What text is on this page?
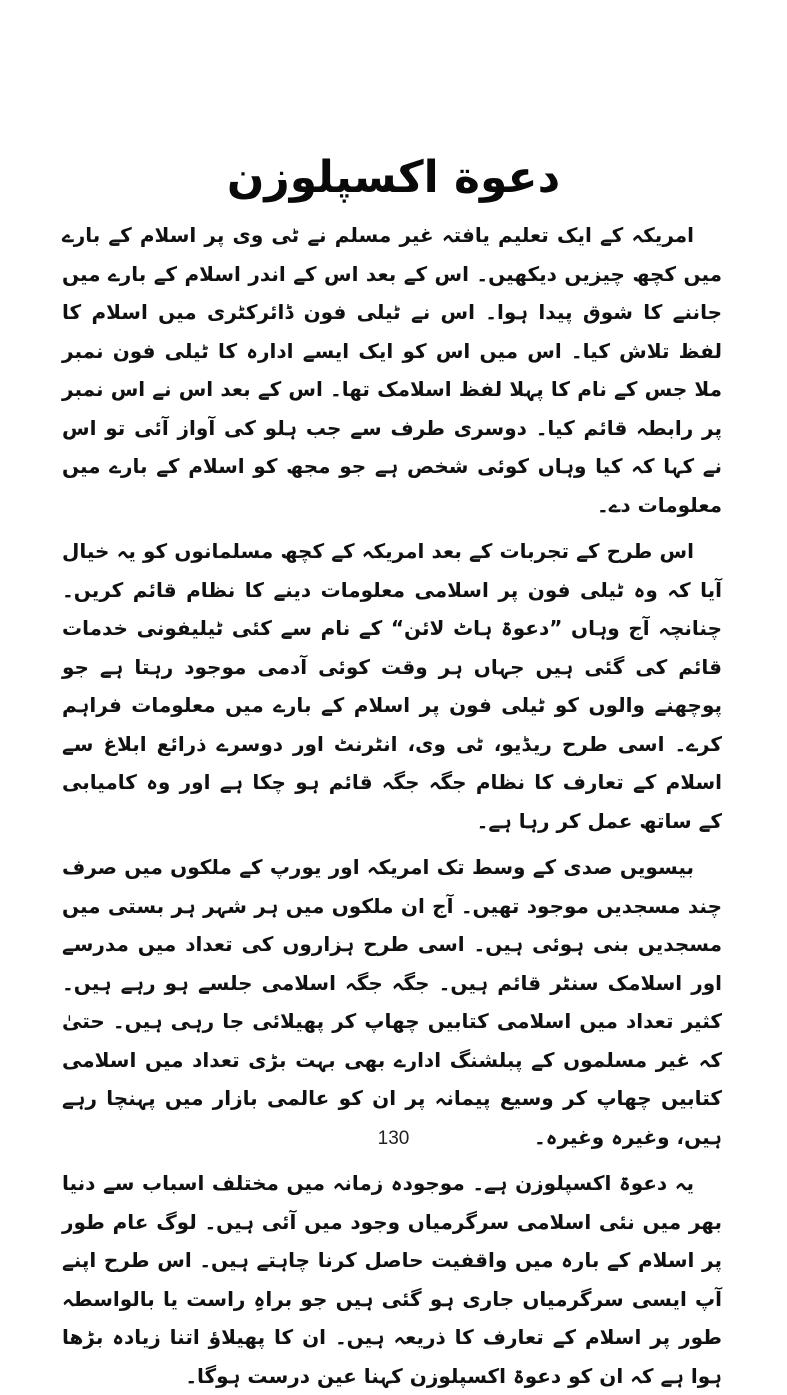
دعوة اکسپلوزن

امریکہ کے ایک تعلیم یافتہ غیر مسلم نے ٹی وی پر اسلام کے بارے میں کچھ چیزیں دیکھیں۔ اس کے بعد اس کے اندر اسلام کے بارے میں جاننے کا شوق پیدا ہوا۔ اس نے ٹیلی فون ڈائرکٹری میں اسلام کا لفظ تلاش کیا۔ اس میں اس کو ایک ایسے ادارہ کا ٹیلی فون نمبر ملا جس کے نام کا پہلا لفظ اسلامک تھا۔ اس کے بعد اس نے اس نمبر پر رابطہ قائم کیا۔ دوسری طرف سے جب ہلو کی آواز آئی تو اس نے کہا کہ کیا وہاں کوئی شخص ہے جو مجھ کو اسلام کے بارے میں معلومات دے۔

اس طرح کے تجربات کے بعد امریکہ کے کچھ مسلمانوں کو یہ خیال آیا کہ وہ ٹیلی فون پر اسلامی معلومات دینے کا نظام قائم کریں۔ چنانچہ آج وہاں ”دعوۃ ہاٹ لائن“ کے نام سے کئی ٹیلیفونی خدمات قائم کی گئی ہیں جہاں ہر وقت کوئی آدمی موجود رہتا ہے جو پوچھنے والوں کو ٹیلی فون پر اسلام کے بارے میں معلومات فراہم کرے۔ اسی طرح ریڈیو، ٹی وی، انٹرنٹ اور دوسرے ذرائع ابلاغ سے اسلام کے تعارف کا نظام جگہ جگہ قائم ہو چکا ہے اور وہ کامیابی کے ساتھ عمل کر رہا ہے۔

بیسویں صدی کے وسط تک امریکہ اور یورپ کے ملکوں میں صرف چند مسجدیں موجود تھیں۔ آج ان ملکوں میں ہر شہر ہر بستی میں مسجدیں بنی ہوئی ہیں۔ اسی طرح ہزاروں کی تعداد میں مدرسے اور اسلامک سنٹر قائم ہیں۔ جگہ جگہ اسلامی جلسے ہو رہے ہیں۔ کثیر تعداد میں اسلامی کتابیں چھاپ کر پھیلائی جا رہی ہیں۔ حتیٰ کہ غیر مسلموں کے پبلشنگ ادارے بھی بہت بڑی تعداد میں اسلامی کتابیں چھاپ کر وسیع پیمانہ پر ان کو عالمی بازار میں پہنچا رہے ہیں، وغیرہ وغیرہ۔

یہ دعوۃ اکسپلوزن ہے۔ موجودہ زمانہ میں مختلف اسباب سے دنیا بھر میں نئی اسلامی سرگرمیاں وجود میں آئی ہیں۔ لوگ عام طور پر اسلام کے بارہ میں واقفیت حاصل کرنا چاہتے ہیں۔ اس طرح اپنے آپ ایسی سرگرمیاں جاری ہو گئی ہیں جو براہِ راست یا بالواسطہ طور پر اسلام کے تعارف کا ذریعہ ہیں۔ ان کا پھیلاؤ اتنا زیادہ بڑھا ہوا ہے کہ ان کو دعوۃ اکسپلوزن کہنا عین درست ہوگا۔

130
